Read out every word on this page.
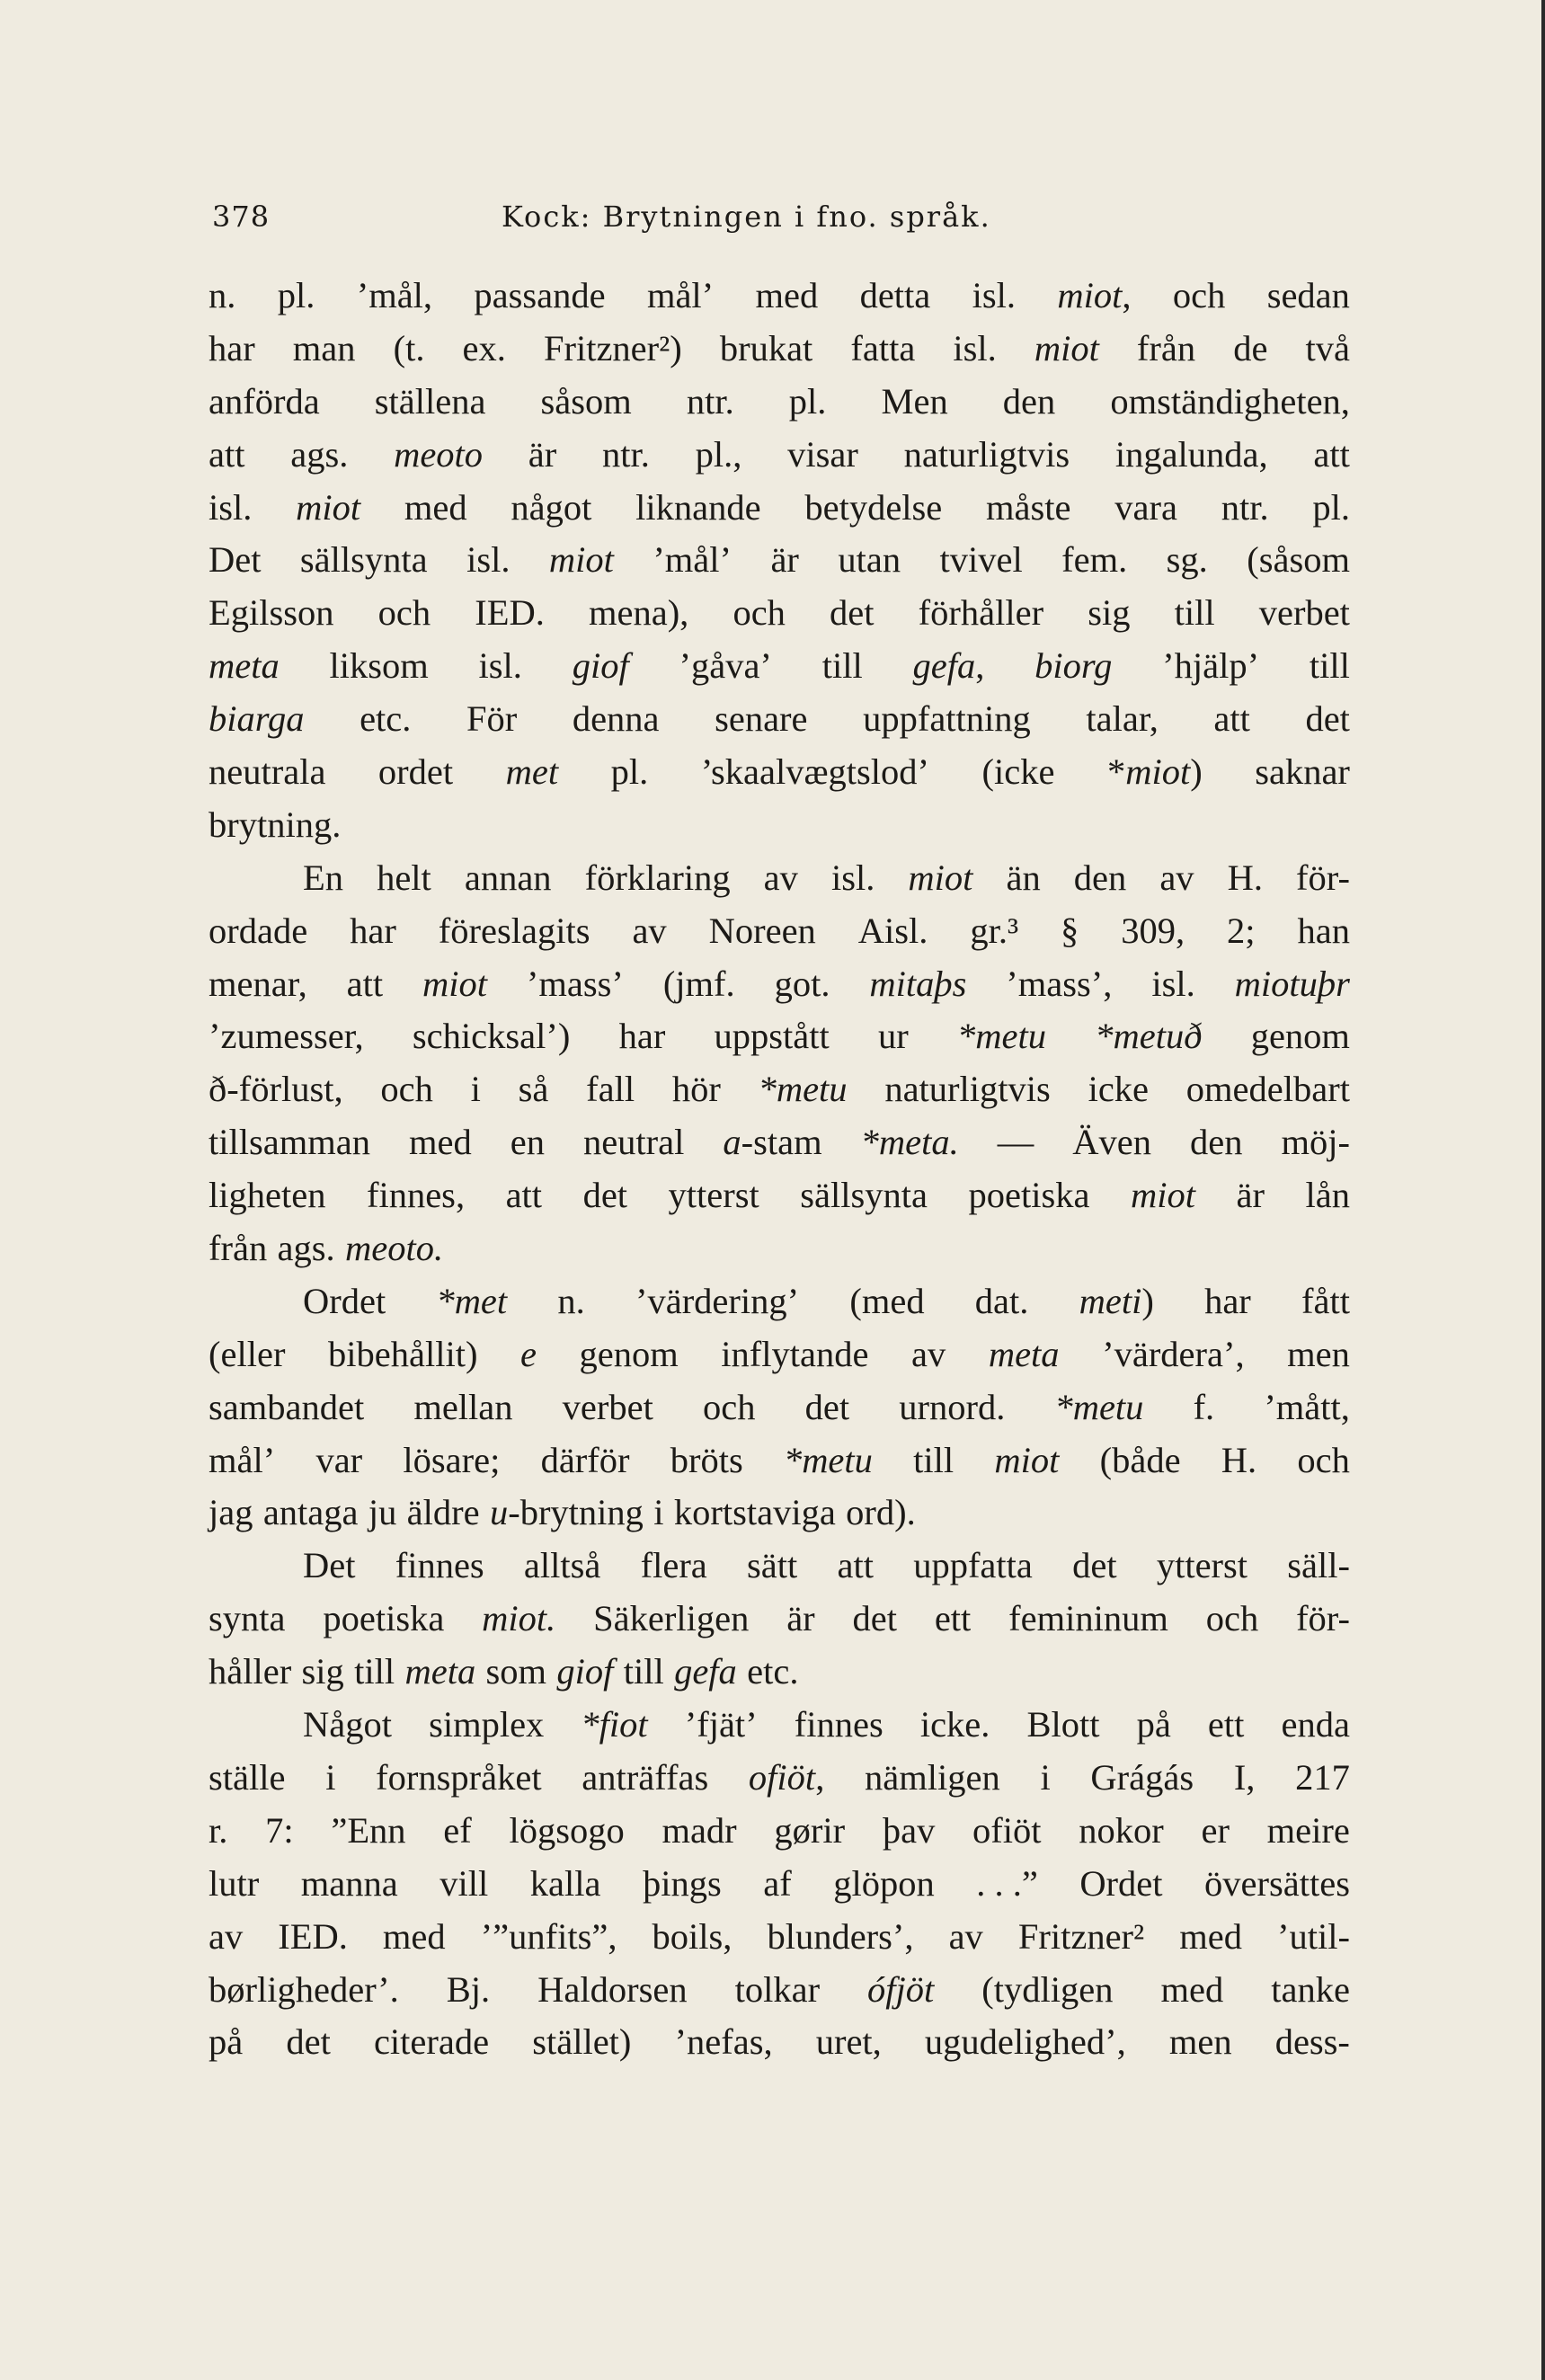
378	Kock: Brytningen i fno. språk.
n. pl. ’mål, passande mål’ med detta isl. miot, och sedan
har man (t. ex. Fritzner²) brukat fatta isl. miot från de två
anförda ställena såsom ntr. pl. Men den omständigheten,
att ags. meoto är ntr. pl., visar naturligtvis ingalunda, att
isl. miot med något liknande betydelse måste vara ntr. pl.
Det sällsynta isl. miot ’mål’ är utan tvivel fem. sg. (såsom
Egilsson och IED. mena), och det förhåller sig till verbet
meta liksom isl. giof ’gåva’ till gefa, biorg ’hjälp’ till
biarga etc. För denna senare uppfattning talar, att det
neutrala ordet met pl. ’skaalvægtslod’ (icke *miot) saknar
brytning.
En helt annan förklaring av isl. miot än den av H. för-
ordade har föreslagits av Noreen Aisl. gr.³ § 309, 2; han
menar, att miot ’mass’ (jmf. got. mitaþs ’mass’, isl. miotuþr
’zumesser, schicksal’) har uppstått ur *metu *metuð genom
ð-förlust, och i så fall hör *metu naturligtvis icke omedelbart
tillsamman med en neutral a-stam *meta. — Även den möj-
ligheten finnes, att det ytterst sällsynta poetiska miot är lån
från ags. meoto.
Ordet *met n. ’värdering’ (med dat. meti) har fått
(eller bibehållit) e genom inflytande av meta ’värdera’, men
sambandet mellan verbet och det urnord. *metu f. ’mått,
mål’ var lösare; därför bröts *metu till miot (både H. och
jag antaga ju äldre u-brytning i kortstaviga ord).
Det finnes alltså flera sätt att uppfatta det ytterst säll-
synta poetiska miot. Säkerligen är det ett femininum och för-
håller sig till meta som giof till gefa etc.
Något simplex *fiot ’fjät’ finnes icke. Blott på ett enda
ställe i fornspråket anträffas ofiöt, nämligen i Grágás I, 217
r. 7: ”Enn ef lögsogo madr gørir þav ofiöt nokor er meire
lutr manna vill kalla þings af glöpon . . .” Ordet översättes
av IED. med ’”unfits”, boils, blunders’, av Fritzner² med ’util-
børligheder’. Bj. Haldorsen tolkar ófjöt (tydligen med tanke
på det citerade stället) ’nefas, uret, ugudelighed’, men dess-
